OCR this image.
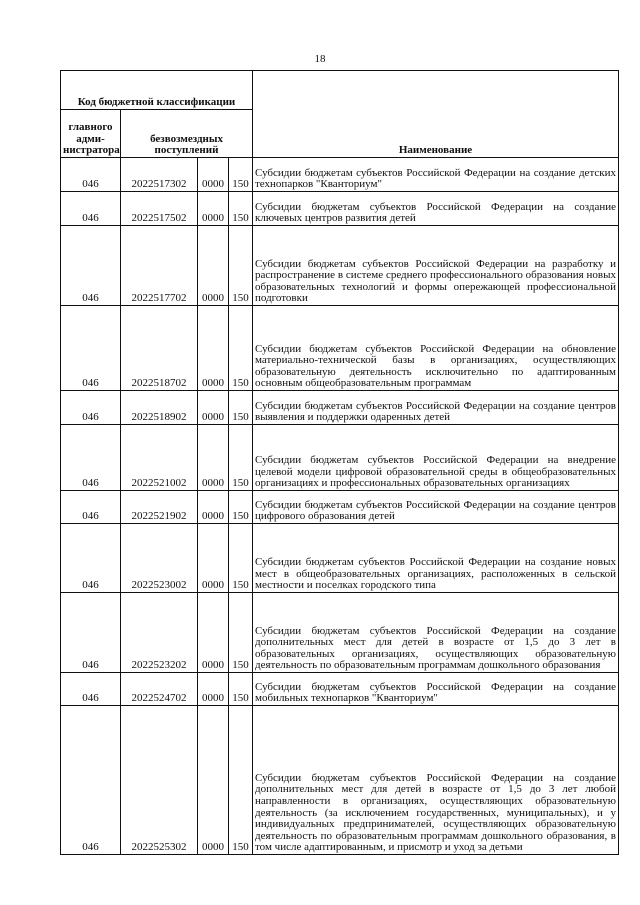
18
Код бюджетной классификации				Наименование
главного адми-нистратора	безвозмездных поступлений			
046	2022517302	0000	150	Субсидии бюджетам субъектов Российской Федерации на создание детских технопарков "Кванториум"
046	2022517502	0000	150	Субсидии бюджетам субъектов Российской Федерации на создание ключевых центров развития детей
046	2022517702	0000	150	Субсидии бюджетам субъектов Российской Федерации на разработку и распространение в системе среднего профессионального образования новых образовательных технологий и формы опережающей профессиональной подготовки
046	2022518702	0000	150	Субсидии бюджетам субъектов Российской Федерации на обновление материально-технической базы в организациях, осуществляющих образовательную деятельность исключительно по адаптированным основным общеобразовательным программам
046	2022518902	0000	150	Субсидии бюджетам субъектов Российской Федерации на создание центров выявления и поддержки одаренных детей
046	2022521002	0000	150	Субсидии бюджетам субъектов Российской Федерации на внедрение целевой модели цифровой образовательной среды в общеобразовательных организациях и профессиональных образовательных организациях
046	2022521902	0000	150	Субсидии бюджетам субъектов Российской Федерации на создание центров цифрового образования детей
046	2022523002	0000	150	Субсидии бюджетам субъектов Российской Федерации на создание новых мест в общеобразовательных организациях, расположенных в сельской местности и поселках городского типа
046	2022523202	0000	150	Субсидии бюджетам субъектов Российской Федерации на создание дополнительных мест для детей в возрасте от 1,5 до 3 лет в образовательных организациях, осуществляющих образовательную деятельность по образовательным программам дошкольного образования
046	2022524702	0000	150	Субсидии бюджетам субъектов Российской Федерации на создание мобильных технопарков "Кванториум"
046	2022525302	0000	150	Субсидии бюджетам субъектов Российской Федерации на создание дополнительных мест для детей в возрасте от 1,5 до 3 лет любой направленности в организациях, осуществляющих образовательную деятельность (за исключением государственных, муниципальных), и у индивидуальных предпринимателей, осуществляющих образовательную деятельность по образовательным программам дошкольного образования, в том числе адаптированным, и присмотр и уход за детьми
